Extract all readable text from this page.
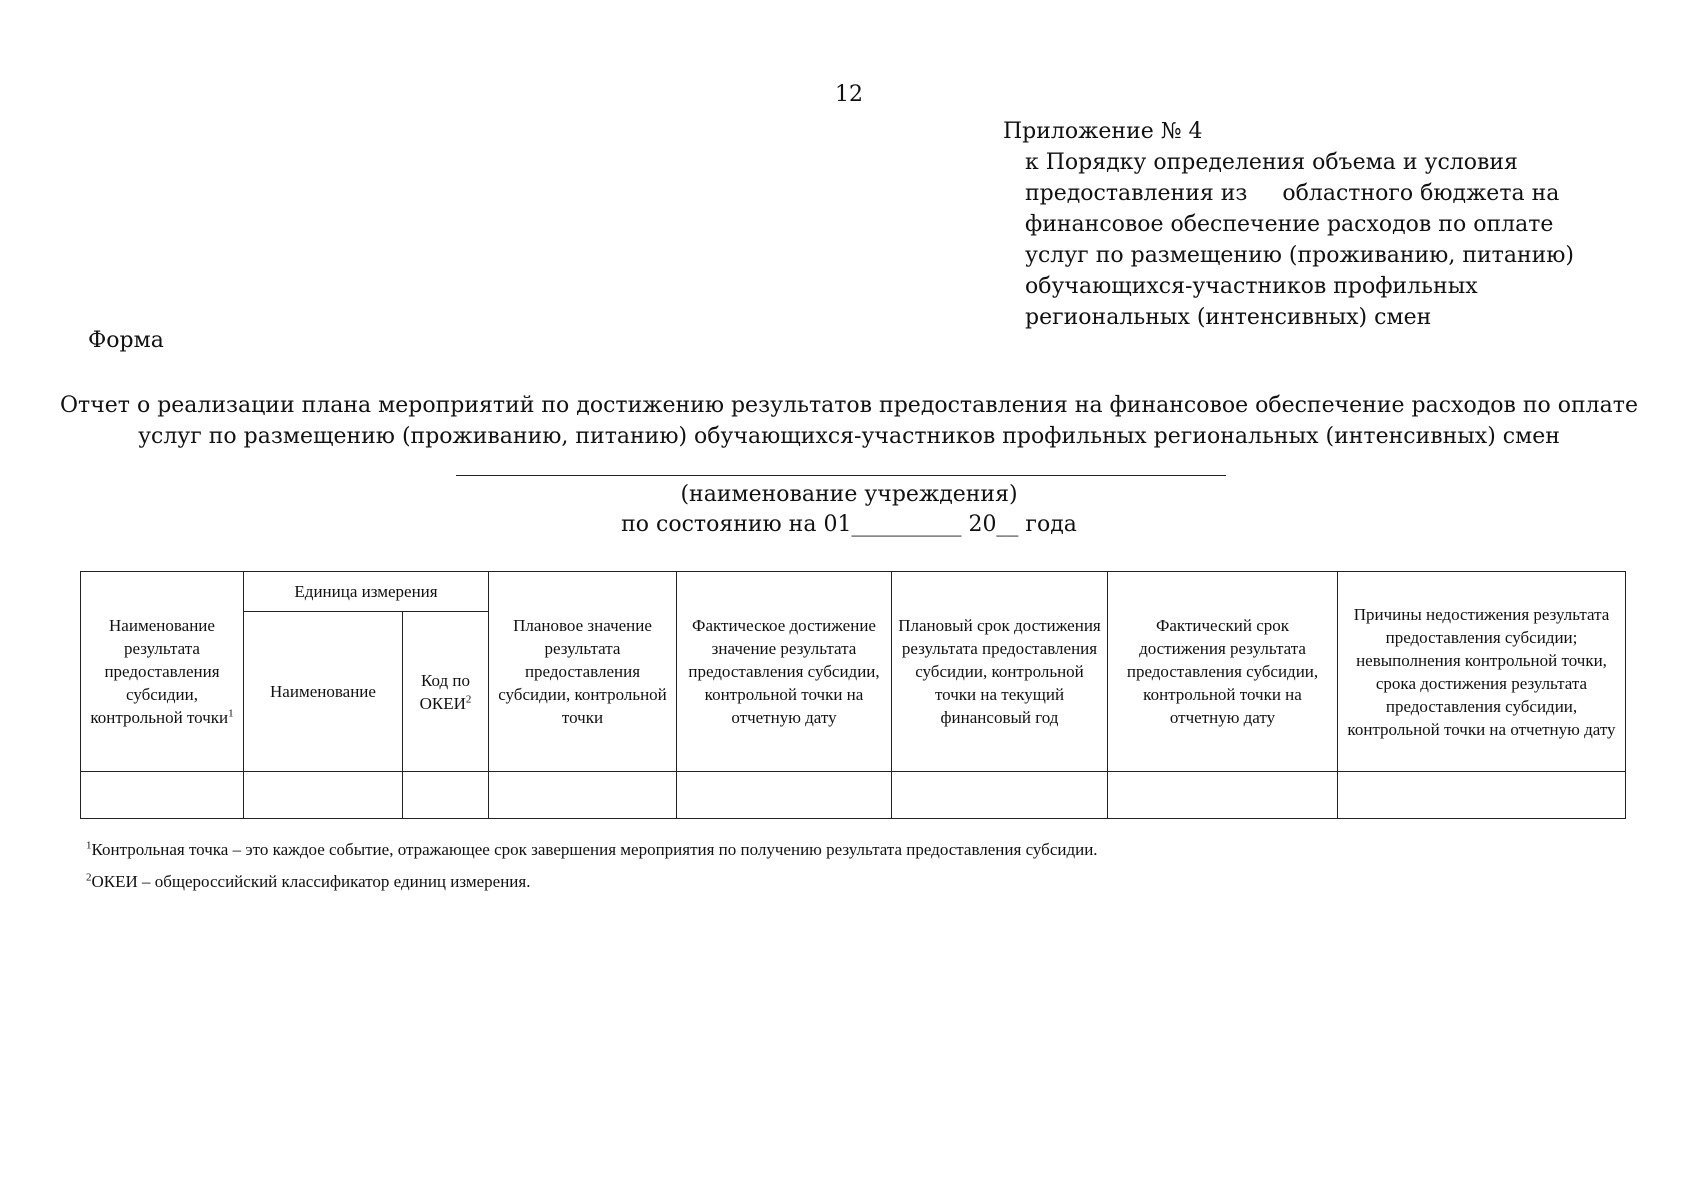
12
Приложение № 4
к Порядку определения объема и условия
предоставления из     областного бюджета на
финансовое обеспечение расходов по оплате
услуг по размещению (проживанию, питанию)
обучающихся-участников профильных
региональных (интенсивных) смен
Форма
Отчет о реализации плана мероприятий по достижению результатов предоставления на финансовое обеспечение расходов по оплате
услуг по размещению (проживанию, питанию) обучающихся-участников профильных региональных (интенсивных) смен
(наименование учреждения)
по состоянию на 01__________ 20__ года
Наименование результата предоставления субсидии, контрольной точки$^1$	Единица измерения		Плановое значение результата предоставления субсидии, контрольной точки	Фактическое достижение значение результата предоставления субсидии, контрольной точки на отчетную дату	Плановый срок достижения результата предоставления субсидии, контрольной точки на текущий финансовый год	Фактический срок достижения результата предоставления субсидии, контрольной точки на отчетную дату	Причины недостижения результата предоставления субсидии; невыполнения контрольной точки, срока достижения результата предоставления субсидии, контрольной точки на отчетную дату
	Наименование	Код по ОКЕИ$^2$

$^1$Контрольная точка – это каждое событие, отражающее срок завершения мероприятия по получению результата предоставления субсидии.
$^2$ОКЕИ – общероссийский классификатор единиц измерения.
